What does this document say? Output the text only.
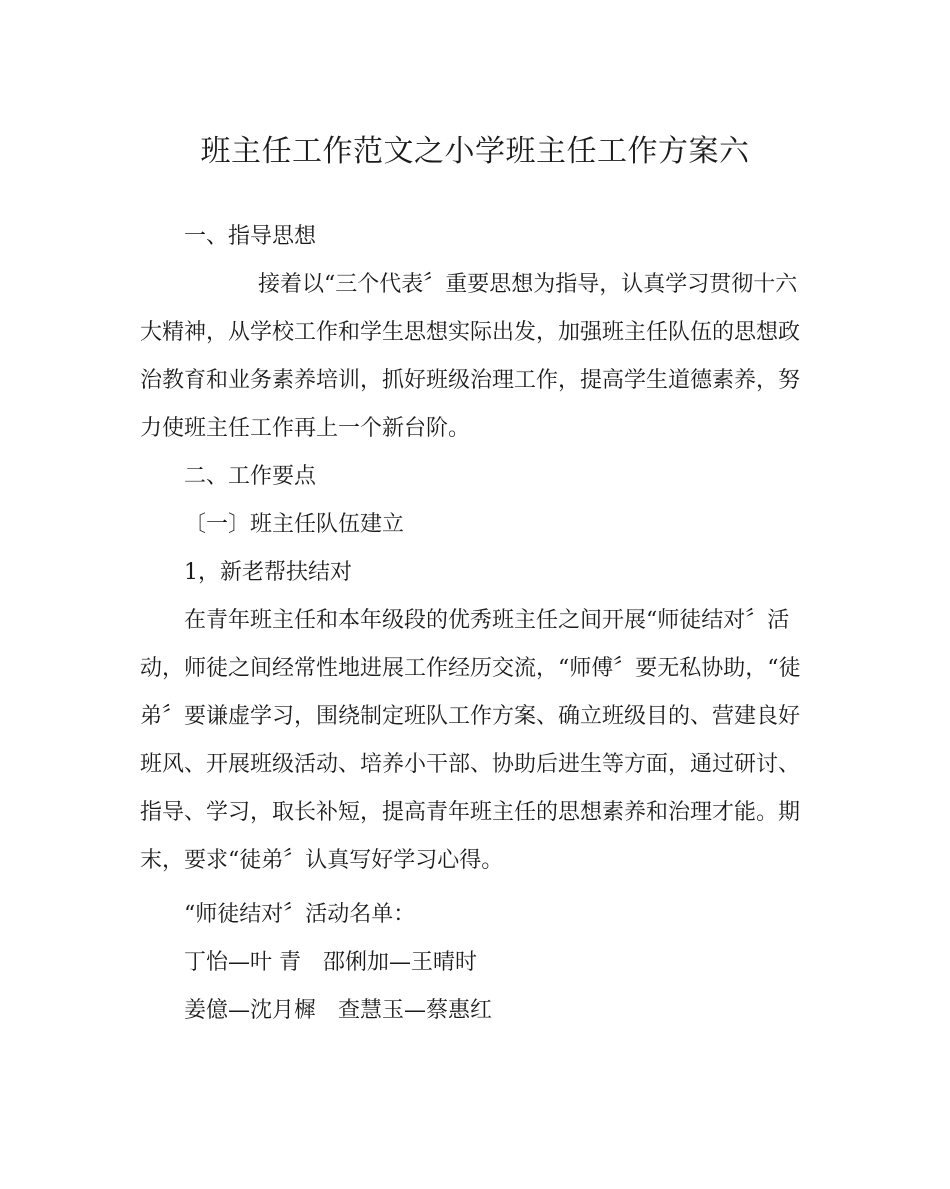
班主任工作范文之小学班主任工作方案六

一、指导思想

接着以“三个代表〞重要思想为指导，认真学习贯彻十六

大精神，从学校工作和学生思想实际出发，加强班主任队伍的思想政

治教育和业务素养培训，抓好班级治理工作，提高学生道德素养，努

力使班主任工作再上一个新台阶。

二、工作要点

〔一〕班主任队伍建立

1，新老帮扶结对

在青年班主任和本年级段的优秀班主任之间开展“师徒结对〞活

动，师徒之间经常性地进展工作经历交流，“师傅〞要无私协助，“徒

弟〞要谦虚学习，围绕制定班队工作方案、确立班级目的、营建良好

班风、开展班级活动、培养小干部、协助后进生等方面，通过研讨、

指导、学习，取长补短，提高青年班主任的思想素养和治理才能。期

末，要求“徒弟〞认真写好学习心得。

“师徒结对〞活动名单：

丁怡—叶 青 邵俐加—王晴时

姜億—沈月樨 查慧玉—蔡惠红
